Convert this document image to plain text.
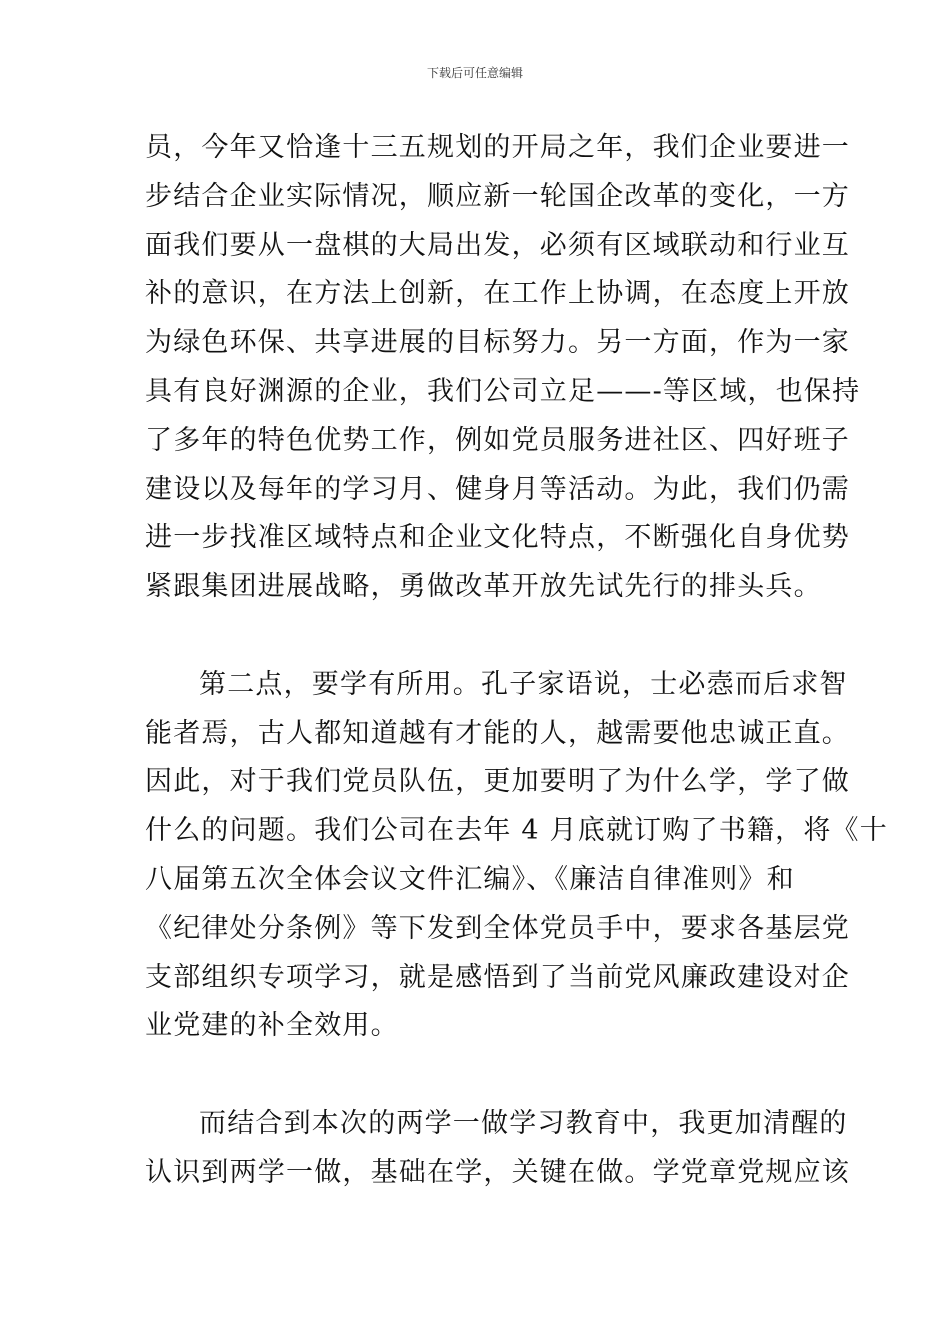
下载后可任意编辑
员，今年又恰逢十三五规划的开局之年，我们企业要进一
步结合企业实际情况，顺应新一轮国企改革的变化，一方
面我们要从一盘棋的大局出发，必须有区域联动和行业互
补的意识，在方法上创新，在工作上协调，在态度上开放
为绿色环保、共享进展的目标努力。另一方面，作为一家
具有良好渊源的企业，我们公司立足——-等区域，也保持
了多年的特色优势工作，例如党员服务进社区、四好班子
建设以及每年的学习月、健身月等活动。为此，我们仍需
进一步找准区域特点和企业文化特点，不断强化自身优势
紧跟集团进展战略，勇做改革开放先试先行的排头兵。
第二点，要学有所用。孔子家语说，士必悫而后求智
能者焉，古人都知道越有才能的人，越需要他忠诚正直。
因此，对于我们党员队伍，更加要明了为什么学，学了做
什么的问题。我们公司在去年 4 月底就订购了书籍，将《十
八届第五次全体会议文件汇编》、《廉洁自律准则》和
《纪律处分条例》等下发到全体党员手中，要求各基层党
支部组织专项学习，就是感悟到了当前党风廉政建设对企
业党建的补全效用。
而结合到本次的两学一做学习教育中，我更加清醒的
认识到两学一做，基础在学，关键在做。学党章党规应该
